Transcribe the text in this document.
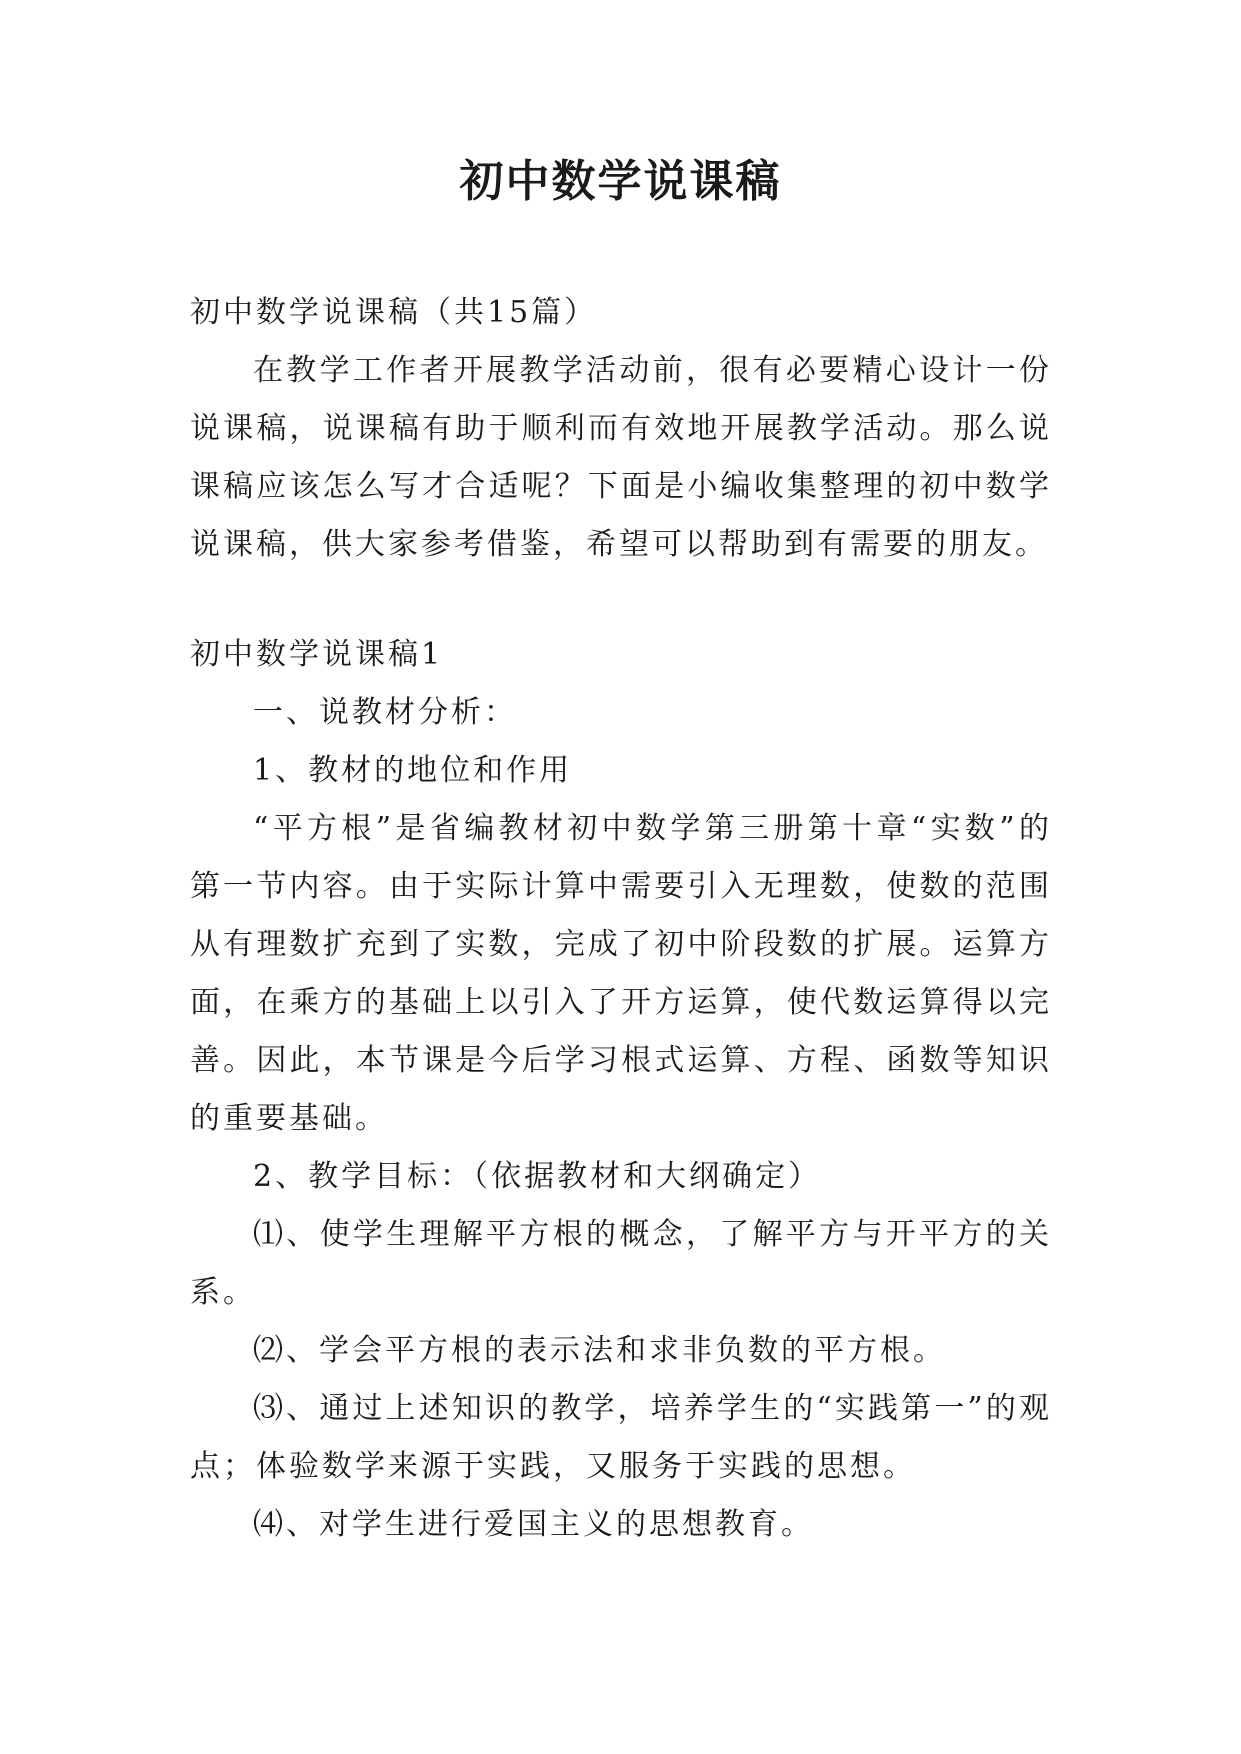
初中数学说课稿

初中数学说课稿（共15篇）

在教学工作者开展教学活动前，很有必要精心设计一份说课稿，说课稿有助于顺利而有效地开展教学活动。那么说课稿应该怎么写才合适呢？下面是小编收集整理的初中数学说课稿，供大家参考借鉴，希望可以帮助到有需要的朋友。

初中数学说课稿1

一、说教材分析：

1、教材的地位和作用

“平方根”是省编教材初中数学第三册第十章“实数”的第一节内容。由于实际计算中需要引入无理数，使数的范围从有理数扩充到了实数，完成了初中阶段数的扩展。运算方面，在乘方的基础上以引入了开方运算，使代数运算得以完善。因此，本节课是今后学习根式运算、方程、函数等知识的重要基础。

2、教学目标：（依据教材和大纲确定）

⑴、使学生理解平方根的概念，了解平方与开平方的关系。

⑵、学会平方根的表示法和求非负数的平方根。

⑶、通过上述知识的教学，培养学生的“实践第一”的观点；体验数学来源于实践，又服务于实践的思想。

⑷、对学生进行爱国主义的思想教育。
